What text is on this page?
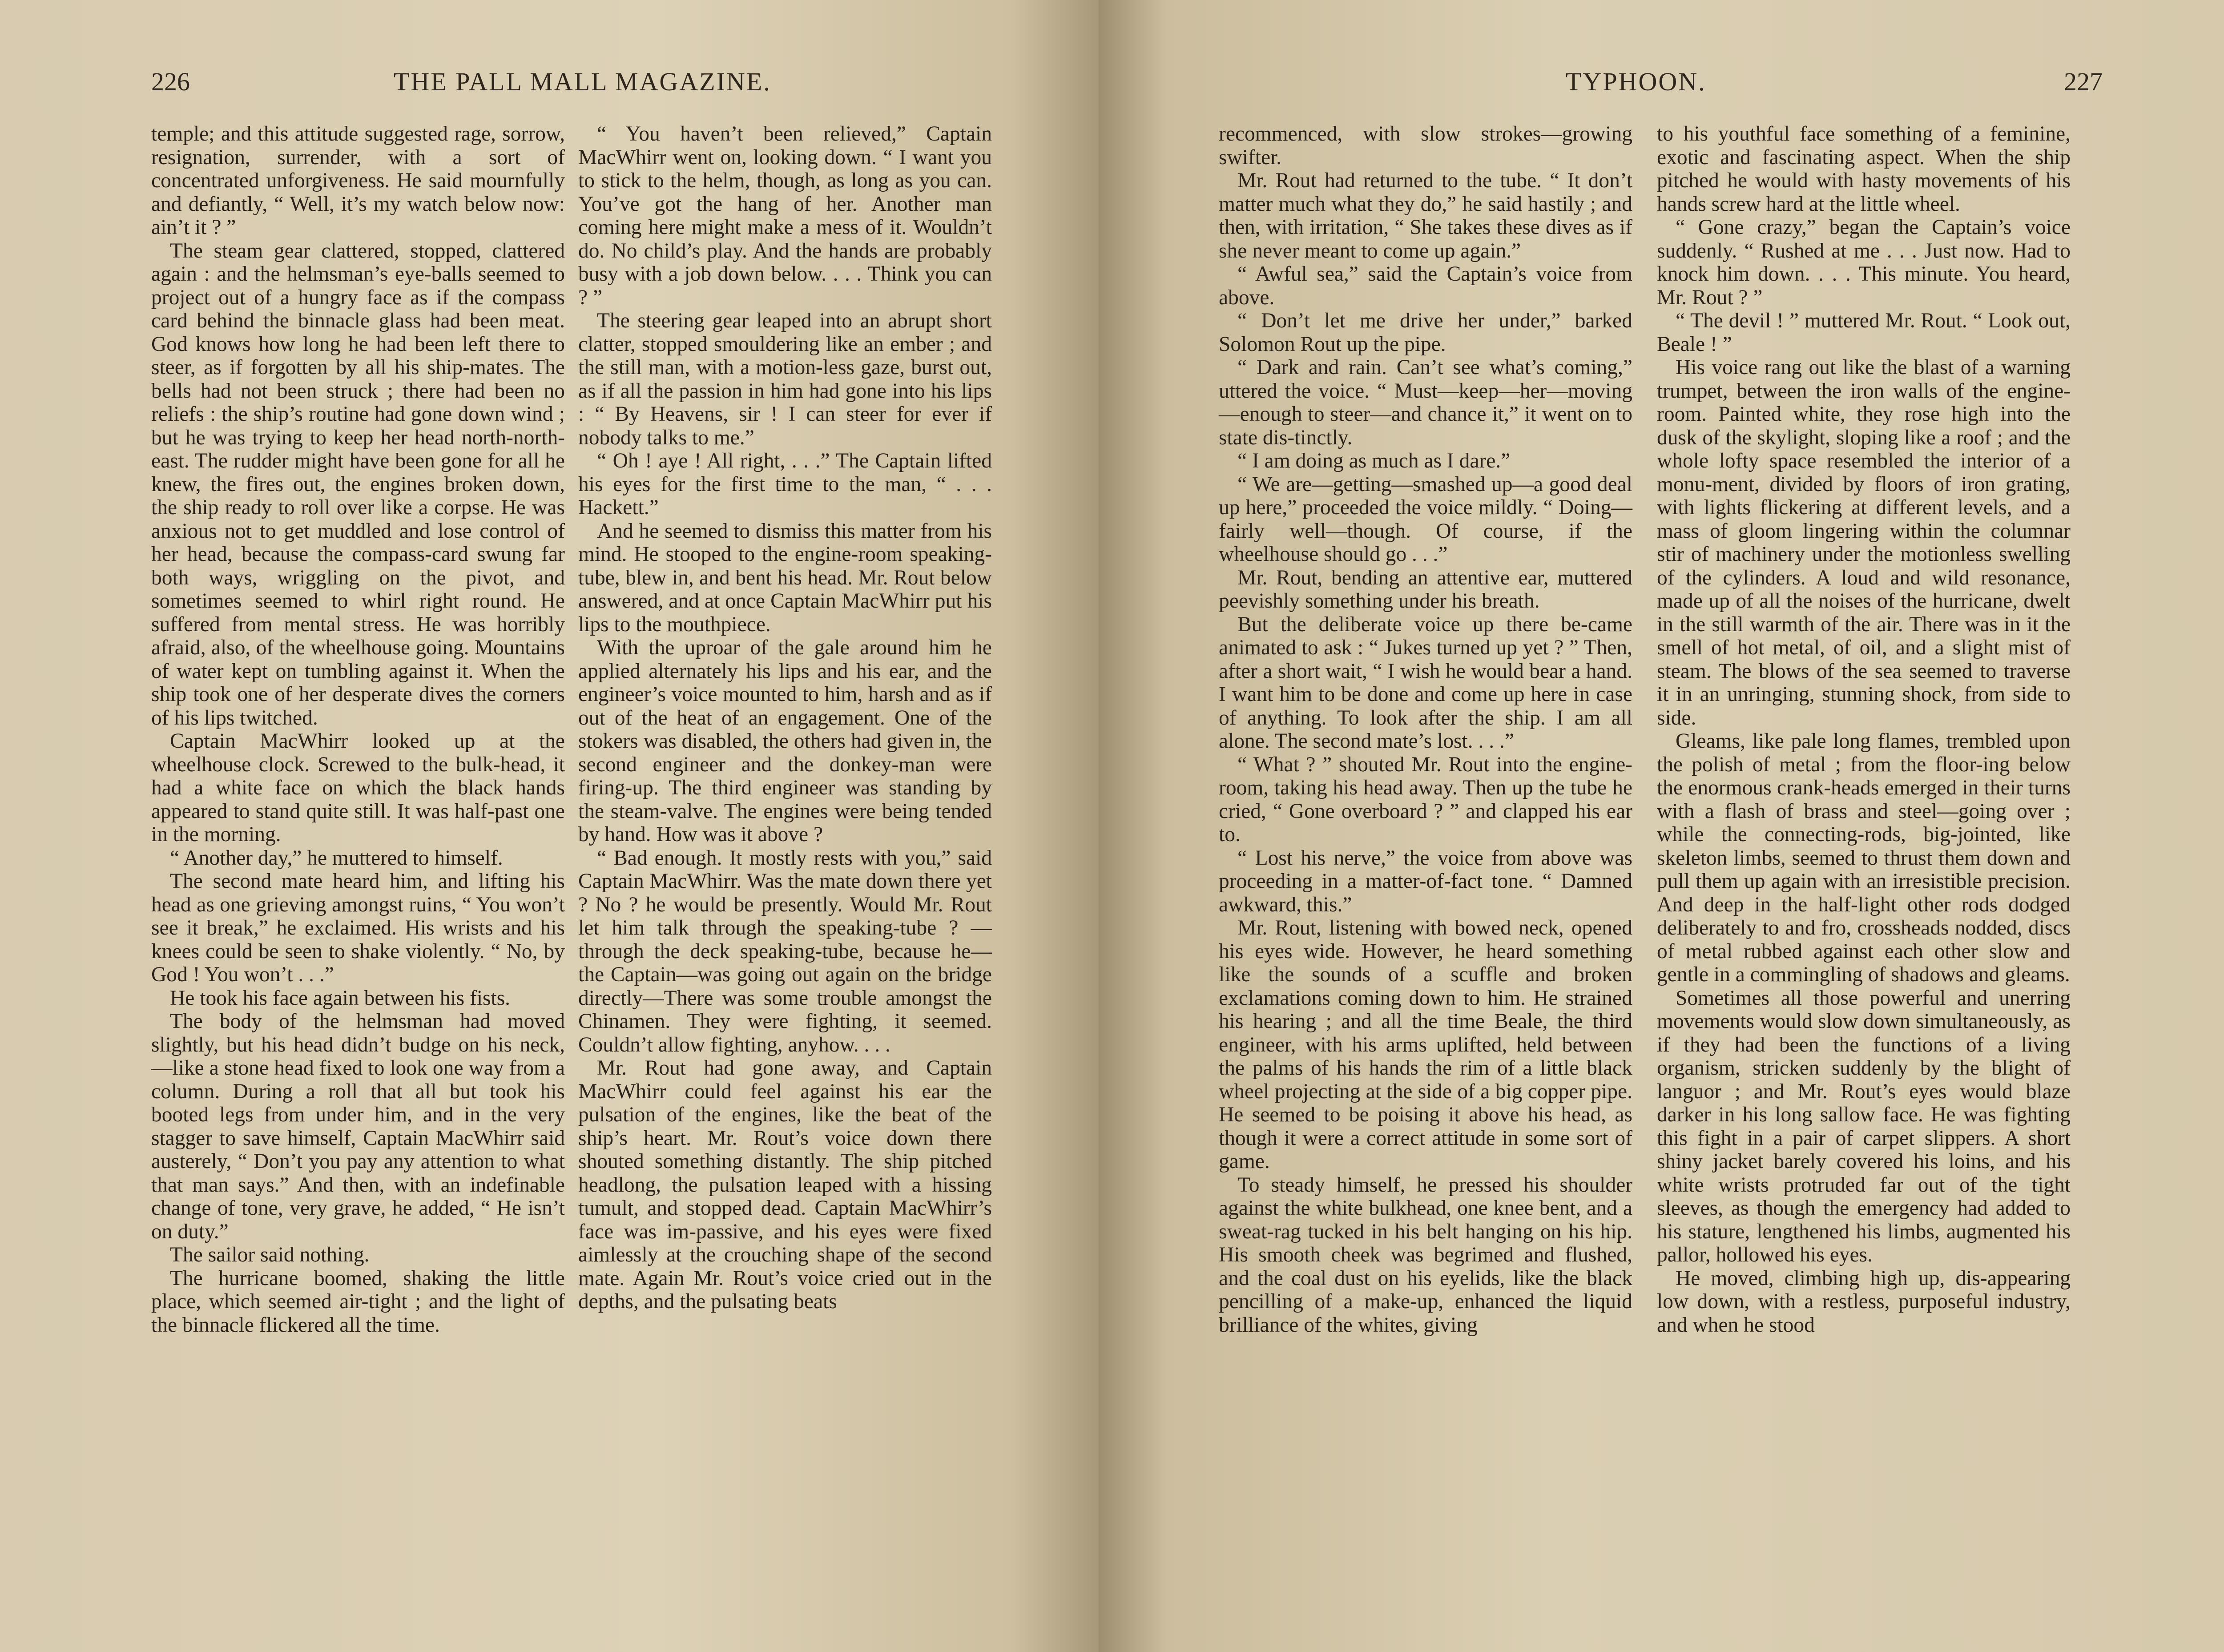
226	THE PALL MALL MAGAZINE.

temple; and this attitude suggested rage, sorrow, resignation, surrender, with a sort of concentrated unforgiveness. He said mournfully and defiantly, “ Well, it’s my watch below now: ain’t it ? ”

The steam gear clattered, stopped, clattered again : and the helmsman’s eye-balls seemed to project out of a hungry face as if the compass card behind the binnacle glass had been meat. God knows how long he had been left there to steer, as if forgotten by all his ship-mates. The bells had not been struck ; there had been no reliefs : the ship’s routine had gone down wind ; but he was trying to keep her head north-north-east. The rudder might have been gone for all he knew, the fires out, the engines broken down, the ship ready to roll over like a corpse. He was anxious not to get muddled and lose control of her head, because the compass-card swung far both ways, wriggling on the pivot, and sometimes seemed to whirl right round. He suffered from mental stress. He was horribly afraid, also, of the wheelhouse going. Mountains of water kept on tumbling against it. When the ship took one of her desperate dives the corners of his lips twitched.

Captain MacWhirr looked up at the wheelhouse clock. Screwed to the bulk-head, it had a white face on which the black hands appeared to stand quite still. It was half-past one in the morning.

“ Another day,” he muttered to himself.

The second mate heard him, and lifting his head as one grieving amongst ruins, “ You won’t see it break,” he exclaimed. His wrists and his knees could be seen to shake violently. “ No, by God ! You won’t . . .”

He took his face again between his fists.

The body of the helmsman had moved slightly, but his head didn’t budge on his neck,—like a stone head fixed to look one way from a column. During a roll that all but took his booted legs from under him, and in the very stagger to save himself, Captain MacWhirr said austerely, “ Don’t you pay any attention to what that man says.” And then, with an indefinable change of tone, very grave, he added, “ He isn’t on duty.”

The sailor said nothing.

The hurricane boomed, shaking the little place, which seemed air-tight ; and the light of the binnacle flickered all the time.

“ You haven’t been relieved,” Captain MacWhirr went on, looking down. “ I want you to stick to the helm, though, as long as you can. You’ve got the hang of her. Another man coming here might make a mess of it. Wouldn’t do. No child’s play. And the hands are probably busy with a job down below. . . . Think you can ? ”

The steering gear leaped into an abrupt short clatter, stopped smouldering like an ember ; and the still man, with a motion-less gaze, burst out, as if all the passion in him had gone into his lips : “ By Heavens, sir ! I can steer for ever if nobody talks to me.”

“ Oh ! aye ! All right, . . .” The Captain lifted his eyes for the first time to the man, “ . . . Hackett.”

And he seemed to dismiss this matter from his mind. He stooped to the engine-room speaking-tube, blew in, and bent his head. Mr. Rout below answered, and at once Captain MacWhirr put his lips to the mouthpiece.

With the uproar of the gale around him he applied alternately his lips and his ear, and the engineer’s voice mounted to him, harsh and as if out of the heat of an engagement. One of the stokers was disabled, the others had given in, the second engineer and the donkey-man were firing-up. The third engineer was standing by the steam-valve. The engines were being tended by hand. How was it above ?

“ Bad enough. It mostly rests with you,” said Captain MacWhirr. Was the mate down there yet ? No ? he would be presently. Would Mr. Rout let him talk through the speaking-tube ? — through the deck speaking-tube, because he—the Captain—was going out again on the bridge directly—There was some trouble amongst the Chinamen. They were fighting, it seemed. Couldn’t allow fighting, anyhow. . . .

Mr. Rout had gone away, and Captain MacWhirr could feel against his ear the pulsation of the engines, like the beat of the ship’s heart. Mr. Rout’s voice down there shouted something distantly. The ship pitched headlong, the pulsation leaped with a hissing tumult, and stopped dead. Captain MacWhirr’s face was im-passive, and his eyes were fixed aimlessly at the crouching shape of the second mate. Again Mr. Rout’s voice cried out in the depths, and the pulsating beats

TYPHOON.	227

recommenced, with slow strokes—growing swifter.

Mr. Rout had returned to the tube. “ It don’t matter much what they do,” he said hastily ; and then, with irritation, “ She takes these dives as if she never meant to come up again.”

“ Awful sea,” said the Captain’s voice from above.

“ Don’t let me drive her under,” barked Solomon Rout up the pipe.

“ Dark and rain. Can’t see what’s coming,” uttered the voice. “ Must—keep—her—moving—enough to steer—and chance it,” it went on to state dis-tinctly.

“ I am doing as much as I dare.”

“ We are—getting—smashed up—a good deal up here,” proceeded the voice mildly. “ Doing—fairly well—though. Of course, if the wheelhouse should go . . .”

Mr. Rout, bending an attentive ear, muttered peevishly something under his breath.

But the deliberate voice up there be-came animated to ask : “ Jukes turned up yet ? ” Then, after a short wait, “ I wish he would bear a hand. I want him to be done and come up here in case of anything. To look after the ship. I am all alone. The second mate’s lost. . . .”

“ What ? ” shouted Mr. Rout into the engine-room, taking his head away. Then up the tube he cried, “ Gone overboard ? ” and clapped his ear to.

“ Lost his nerve,” the voice from above was proceeding in a matter-of-fact tone. “ Damned awkward, this.”

Mr. Rout, listening with bowed neck, opened his eyes wide. However, he heard something like the sounds of a scuffle and broken exclamations coming down to him. He strained his hearing ; and all the time Beale, the third engineer, with his arms uplifted, held between the palms of his hands the rim of a little black wheel projecting at the side of a big copper pipe. He seemed to be poising it above his head, as though it were a correct attitude in some sort of game.

To steady himself, he pressed his shoulder against the white bulkhead, one knee bent, and a sweat-rag tucked in his belt hanging on his hip. His smooth cheek was begrimed and flushed, and the coal dust on his eyelids, like the black pencilling of a make-up, enhanced the liquid brilliance of the whites, giving

to his youthful face something of a feminine, exotic and fascinating aspect. When the ship pitched he would with hasty movements of his hands screw hard at the little wheel.

“ Gone crazy,” began the Captain’s voice suddenly. “ Rushed at me . . . Just now. Had to knock him down. . . . This minute. You heard, Mr. Rout ? ”

“ The devil ! ” muttered Mr. Rout. “ Look out, Beale ! ”

His voice rang out like the blast of a warning trumpet, between the iron walls of the engine-room. Painted white, they rose high into the dusk of the skylight, sloping like a roof ; and the whole lofty space resembled the interior of a monu-ment, divided by floors of iron grating, with lights flickering at different levels, and a mass of gloom lingering within the columnar stir of machinery under the motionless swelling of the cylinders. A loud and wild resonance, made up of all the noises of the hurricane, dwelt in the still warmth of the air. There was in it the smell of hot metal, of oil, and a slight mist of steam. The blows of the sea seemed to traverse it in an unringing, stunning shock, from side to side.

Gleams, like pale long flames, trembled upon the polish of metal ; from the floor-ing below the enormous crank-heads emerged in their turns with a flash of brass and steel—going over ; while the connecting-rods, big-jointed, like skeleton limbs, seemed to thrust them down and pull them up again with an irresistible precision. And deep in the half-light other rods dodged deliberately to and fro, crossheads nodded, discs of metal rubbed against each other slow and gentle in a commingling of shadows and gleams.

Sometimes all those powerful and unerring movements would slow down simultaneously, as if they had been the functions of a living organism, stricken suddenly by the blight of languor ; and Mr. Rout’s eyes would blaze darker in his long sallow face. He was fighting this fight in a pair of carpet slippers. A short shiny jacket barely covered his loins, and his white wrists protruded far out of the tight sleeves, as though the emergency had added to his stature, lengthened his limbs, augmented his pallor, hollowed his eyes.

He moved, climbing high up, dis-appearing low down, with a restless, purposeful industry, and when he stood
